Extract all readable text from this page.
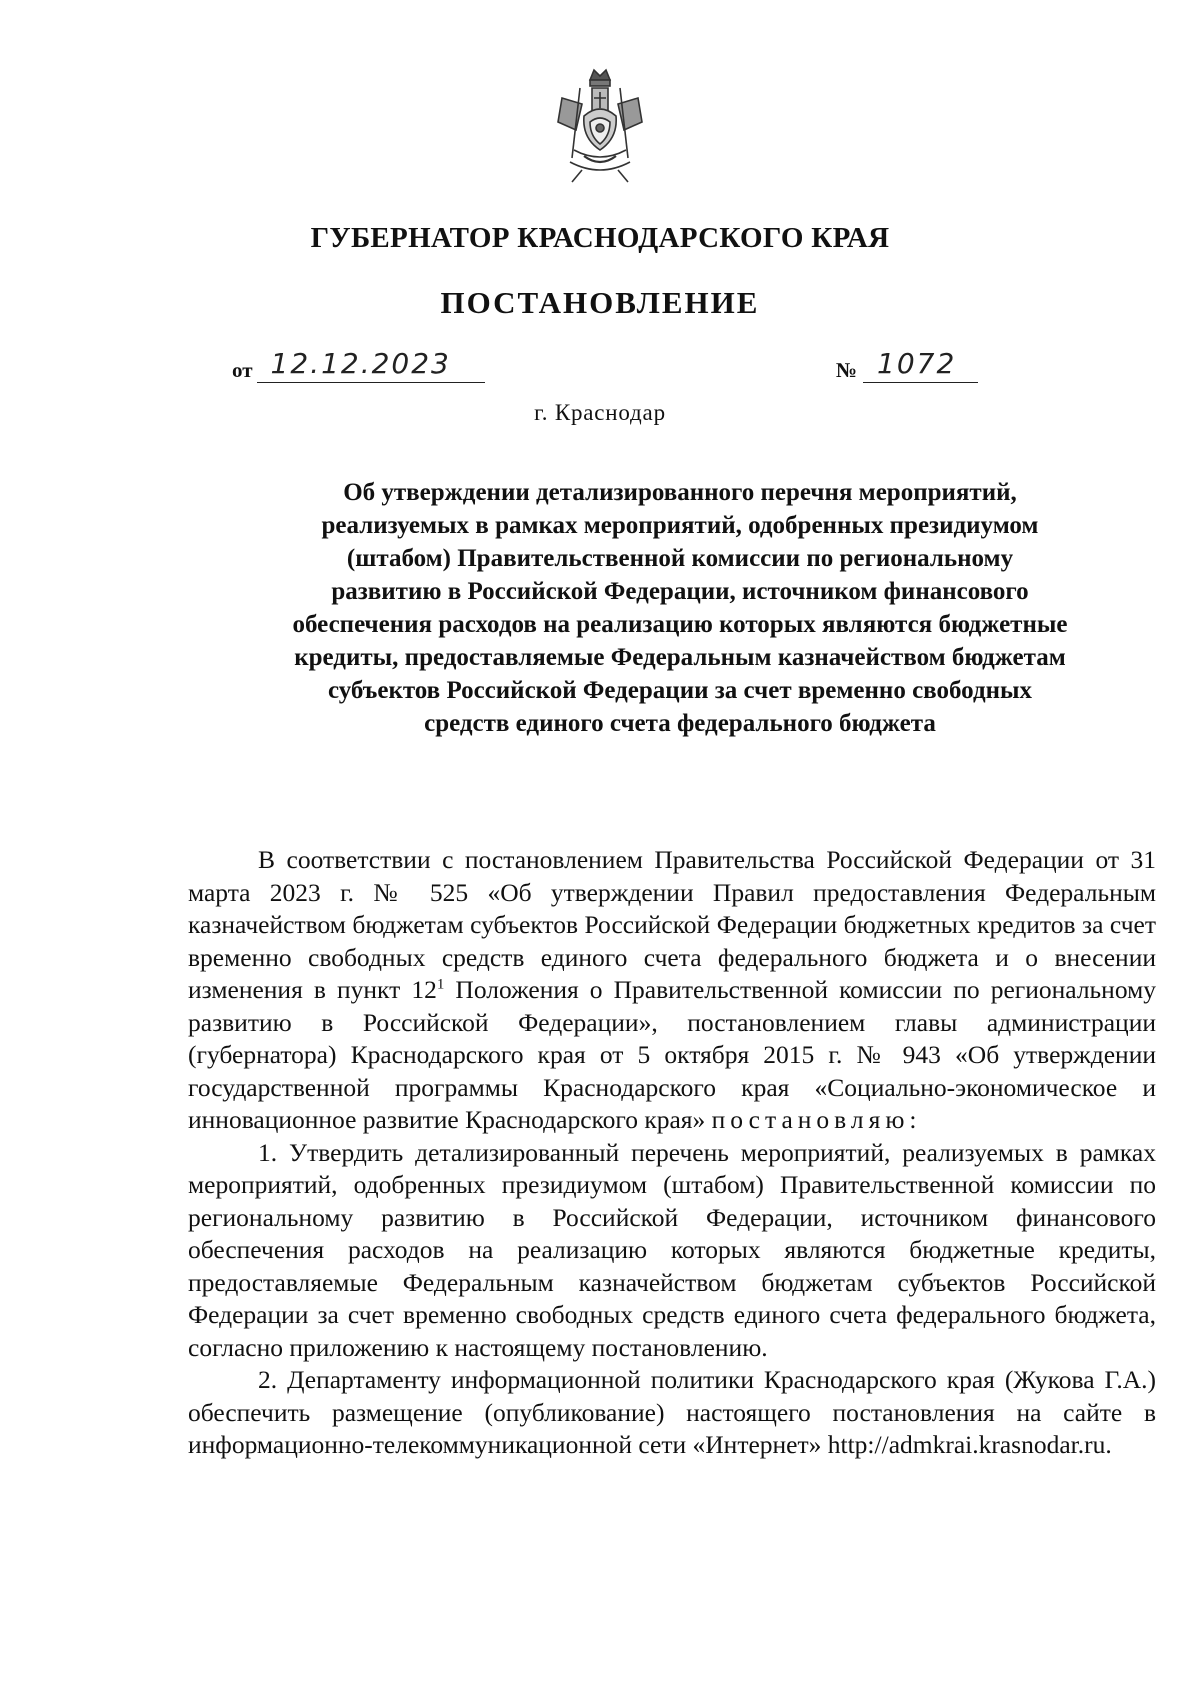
ГУБЕРНАТОР КРАСНОДАРСКОГО КРАЯ
ПОСТАНОВЛЕНИЕ
от 12.12.2023	№ 1072
г. Краснодар
Об утверждении детализированного перечня мероприятий, реализуемых в рамках мероприятий, одобренных президиумом (штабом) Правительственной комиссии по региональному развитию в Российской Федерации, источником финансового обеспечения расходов на реализацию которых являются бюджетные кредиты, предоставляемые Федеральным казначейством бюджетам субъектов Российской Федерации за счет временно свободных средств единого счета федерального бюджета

В соответствии с постановлением Правительства Российской Федерации от 31 марта 2023 г. № 525 «Об утверждении Правил предоставления Федеральным казначейством бюджетам субъектов Российской Федерации бюджетных кредитов за счет временно свободных средств единого счета федерального бюджета и о внесении изменения в пункт $12^1$ Положения о Правительственной комиссии по региональному развитию в Российской Федерации», постановлением главы администрации (губернатора) Краснодарского края от 5 октября 2015 г. № 943 «Об утверждении государственной программы Краснодарского края «Социально-экономическое и инновационное развитие Краснодарского края» постановляю:

1. Утвердить детализированный перечень мероприятий, реализуемых в рамках мероприятий, одобренных президиумом (штабом) Правительственной комиссии по региональному развитию в Российской Федерации, источником финансового обеспечения расходов на реализацию которых являются бюджетные кредиты, предоставляемые Федеральным казначейством бюджетам субъектов Российской Федерации за счет временно свободных средств единого счета федерального бюджета, согласно приложению к настоящему постановлению.

2. Департаменту информационной политики Краснодарского края (Жукова Г.А.) обеспечить размещение (опубликование) настоящего постановления на сайте в информационно-телекоммуникационной сети «Интернет» http://admkrai.krasnodar.ru.
